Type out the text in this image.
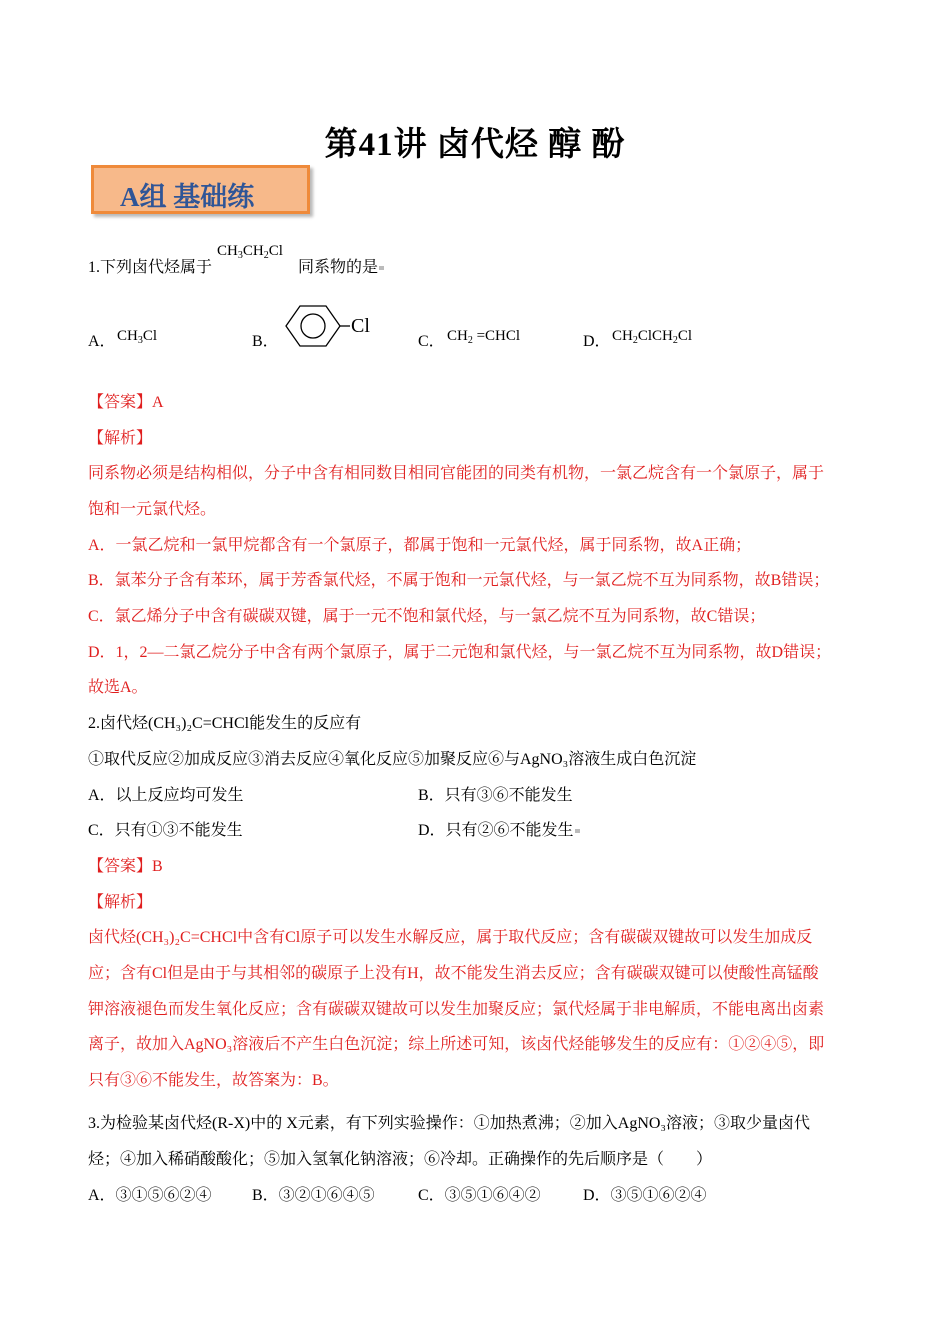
第41讲 卤代烃 醇 酚
A组 基础练
1.下列卤代烃属于
$CH_3CH_2Cl$
同系物的是
A． $CH_3Cl$	B．
Cl
C． $CH_2$ =CHCl	D． $CH_2ClCH_2Cl$
【答案】A
【解析】
同系物必须是结构相似，分子中含有相同数目相同官能团的同类有机物，一氯乙烷含有一个氯原子，属于
饱和一元氯代烃。
A．一氯乙烷和一氯甲烷都含有一个氯原子，都属于饱和一元氯代烃，属于同系物，故A正确；
B．氯苯分子含有苯环，属于芳香氯代烃，不属于饱和一元氯代烃，与一氯乙烷不互为同系物，故B错误；
C．氯乙烯分子中含有碳碳双键，属于一元不饱和氯代烃，与一氯乙烷不互为同系物，故C错误；
D．1，2—二氯乙烷分子中含有两个氯原子，属于二元饱和氯代烃，与一氯乙烷不互为同系物，故D错误；
故选A。
2.卤代烃(CH₃)₂C=CHCl能发生的反应有
①取代反应②加成反应③消去反应④氧化反应⑤加聚反应⑥与AgNO₃溶液生成白色沉淀
A．以上反应均可发生	B．只有③⑥不能发生
C．只有①③不能发生	D．只有②⑥不能发生
【答案】B
【解析】
卤代烃(CH₃)₂C=CHCl中含有Cl原子可以发生水解反应，属于取代反应；含有碳碳双键故可以发生加成反
应；含有Cl但是由于与其相邻的碳原子上没有H，故不能发生消去反应；含有碳碳双键可以使酸性高锰酸
钾溶液褪色而发生氧化反应；含有碳碳双键故可以发生加聚反应；氯代烃属于非电解质，不能电离出卤素
离子，故加入AgNO₃溶液后不产生白色沉淀；综上所述可知，该卤代烃能够发生的反应有：①②④⑤，即
只有③⑥不能发生，故答案为：B。
3.为检验某卤代烃(R-X)中的 X元素，有下列实验操作：①加热煮沸；②加入AgNO₃溶液；③取少量卤代
烃；④加入稀硝酸酸化；⑤加入氢氧化钠溶液；⑥冷却。正确操作的先后顺序是（　　）
A．③①⑤⑥②④	B．③②①⑥④⑤	C．③⑤①⑥④②	D．③⑤①⑥②④
